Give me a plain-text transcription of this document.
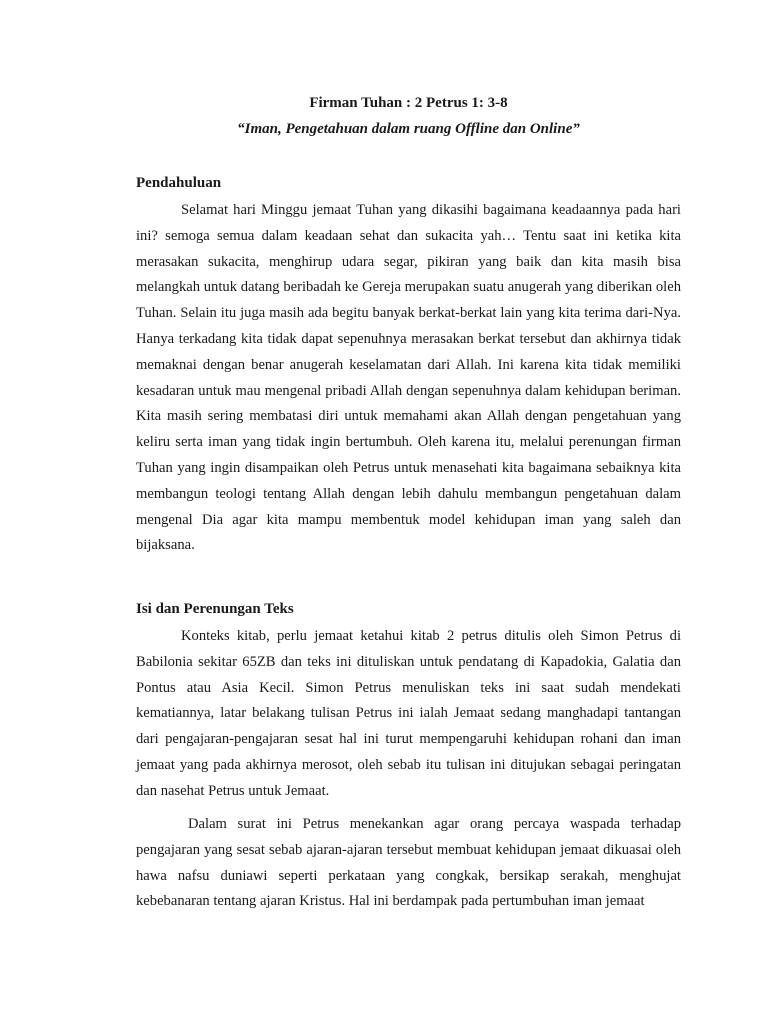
Firman Tuhan : 2 Petrus 1: 3-8

“Iman, Pengetahuan dalam ruang Offline dan Online”

Pendahuluan

Selamat hari Minggu jemaat Tuhan yang dikasihi bagaimana keadaannya pada hari ini? semoga semua dalam keadaan sehat dan sukacita yah… Tentu saat ini ketika kita merasakan sukacita, menghirup udara segar, pikiran yang baik dan kita masih bisa melangkah untuk datang beribadah ke Gereja merupakan suatu anugerah yang diberikan oleh Tuhan. Selain itu juga masih ada begitu banyak berkat-berkat lain yang kita terima dari-Nya. Hanya terkadang kita tidak dapat sepenuhnya merasakan berkat tersebut dan akhirnya tidak memaknai dengan benar anugerah keselamatan dari Allah. Ini karena kita tidak memiliki kesadaran untuk mau mengenal pribadi Allah dengan sepenuhnya dalam kehidupan beriman. Kita masih sering membatasi diri untuk memahami akan Allah dengan pengetahuan yang keliru serta iman yang tidak ingin bertumbuh. Oleh karena itu, melalui perenungan firman Tuhan yang ingin disampaikan oleh Petrus untuk menasehati kita bagaimana sebaiknya kita membangun teologi tentang Allah dengan lebih dahulu membangun pengetahuan dalam mengenal Dia agar kita mampu membentuk model kehidupan iman yang saleh dan bijaksana.

Isi dan Perenungan Teks

Konteks kitab, perlu jemaat ketahui kitab 2 petrus ditulis oleh Simon Petrus di Babilonia sekitar 65ZB dan teks ini dituliskan untuk pendatang di Kapadokia, Galatia dan Pontus atau Asia Kecil. Simon Petrus menuliskan teks ini saat sudah mendekati kematiannya, latar belakang tulisan Petrus ini ialah Jemaat sedang manghadapi tantangan dari pengajaran-pengajaran sesat hal ini turut mempengaruhi kehidupan rohani dan iman jemaat yang pada akhirnya merosot, oleh sebab itu tulisan ini ditujukan sebagai peringatan dan nasehat Petrus untuk Jemaat.

Dalam surat ini Petrus menekankan agar orang percaya waspada terhadap pengajaran yang sesat sebab ajaran-ajaran tersebut membuat kehidupan jemaat dikuasai oleh hawa nafsu duniawi seperti perkataan yang congkak, bersikap serakah, menghujat kebebanaran tentang ajaran Kristus. Hal ini berdampak pada pertumbuhan iman jemaat
